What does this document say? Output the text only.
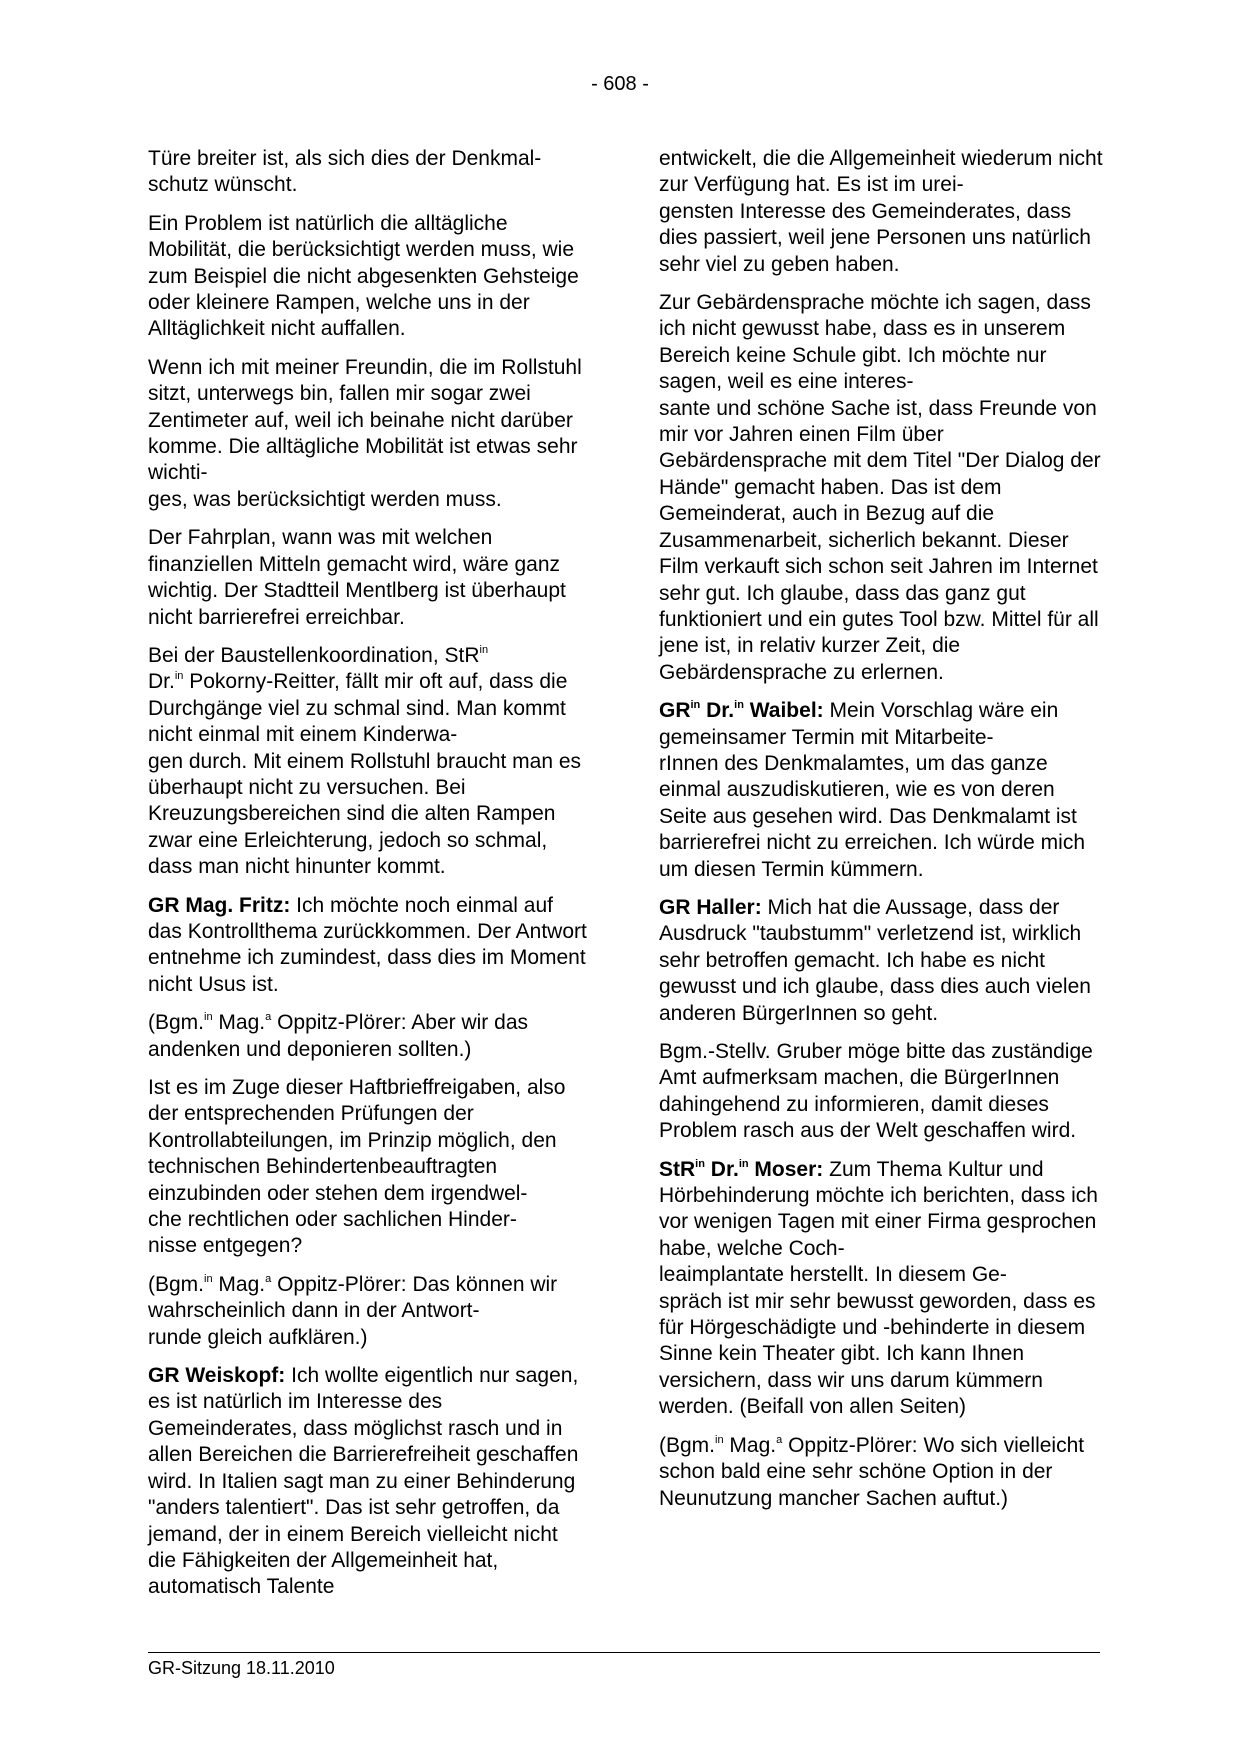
- 608 -

Türe breiter ist, als sich dies der Denkmal-
schutz wünscht.

Ein Problem ist natürlich die alltägliche Mobilität, die berücksichtigt werden muss, wie zum Beispiel die nicht abgesenkten Gehsteige oder kleinere Rampen, welche uns in der Alltäglichkeit nicht auffallen.

Wenn ich mit meiner Freundin, die im Rollstuhl sitzt, unterwegs bin, fallen mir sogar zwei Zentimeter auf, weil ich beinahe nicht darüber komme. Die alltägliche Mobilität ist etwas sehr wichti-
ges, was berücksichtigt werden muss.

Der Fahrplan, wann was mit welchen finanziellen Mitteln gemacht wird, wäre ganz wichtig. Der Stadtteil Mentlberg ist überhaupt nicht barrierefrei erreichbar.

Bei der Baustellenkoordination, StR$^{in}$
Dr.$^{in}$ Pokorny-Reitter, fällt mir oft auf, dass die Durchgänge viel zu schmal sind. Man kommt nicht einmal mit einem Kinderwa-
gen durch. Mit einem Rollstuhl braucht man es überhaupt nicht zu versuchen. Bei Kreuzungsbereichen sind die alten Rampen zwar eine Erleichterung, jedoch so schmal, dass man nicht hinunter kommt.

GR Mag. Fritz: Ich möchte noch einmal auf das Kontrollthema zurückkommen. Der Antwort entnehme ich zumindest, dass dies im Moment nicht Usus ist.

(Bgm.$^{in}$ Mag.$^a$ Oppitz-Plörer: Aber wir das andenken und deponieren sollten.)

Ist es im Zuge dieser Haftbrieffreigaben, also der entsprechenden Prüfungen der Kontrollabteilungen, im Prinzip möglich, den technischen Behindertenbeauftragten einzubinden oder stehen dem irgendwel-
che rechtlichen oder sachlichen Hinder-
nisse entgegen?

(Bgm.$^{in}$ Mag.$^a$ Oppitz-Plörer: Das können wir wahrscheinlich dann in der Antwort-
runde gleich aufklären.)

GR Weiskopf: Ich wollte eigentlich nur sagen, es ist natürlich im Interesse des Gemeinderates, dass möglichst rasch und in allen Bereichen die Barrierefreiheit geschaffen wird. In Italien sagt man zu einer Behinderung "anders talentiert". Das ist sehr getroffen, da jemand, der in einem Bereich vielleicht nicht die Fähigkeiten der Allgemeinheit hat, automatisch Talente

entwickelt, die die Allgemeinheit wiederum nicht zur Verfügung hat. Es ist im urei-
gensten Interesse des Gemeinderates, dass dies passiert, weil jene Personen uns natürlich sehr viel zu geben haben.

Zur Gebärdensprache möchte ich sagen, dass ich nicht gewusst habe, dass es in unserem Bereich keine Schule gibt. Ich möchte nur sagen, weil es eine interes-
sante und schöne Sache ist, dass Freunde von mir vor Jahren einen Film über Gebärdensprache mit dem Titel "Der Dialog der Hände" gemacht haben. Das ist dem Gemeinderat, auch in Bezug auf die Zusammenarbeit, sicherlich bekannt. Dieser Film verkauft sich schon seit Jahren im Internet sehr gut. Ich glaube, dass das ganz gut funktioniert und ein gutes Tool bzw. Mittel für all jene ist, in relativ kurzer Zeit, die Gebärdensprache zu erlernen.

$GR^{in}$ Dr.$^{in}$ Waibel: Mein Vorschlag wäre ein gemeinsamer Termin mit Mitarbeite-
rInnen des Denkmalamtes, um das ganze einmal auszudiskutieren, wie es von deren Seite aus gesehen wird. Das Denkmalamt ist barrierefrei nicht zu erreichen. Ich würde mich um diesen Termin kümmern.

GR Haller: Mich hat die Aussage, dass der Ausdruck "taubstumm" verletzend ist, wirklich sehr betroffen gemacht. Ich habe es nicht gewusst und ich glaube, dass dies auch vielen anderen BürgerInnen so geht.

Bgm.-Stellv. Gruber möge bitte das zuständige Amt aufmerksam machen, die BürgerInnen dahingehend zu informieren, damit dieses Problem rasch aus der Welt geschaffen wird.

StR$^{in}$ Dr.$^{in}$ Moser: Zum Thema Kultur und Hörbehinderung möchte ich berichten, dass ich vor wenigen Tagen mit einer Firma gesprochen habe, welche Coch-
leaimplantate herstellt. In diesem Ge-
spräch ist mir sehr bewusst geworden, dass es für Hörgeschädigte und -behinderte in diesem Sinne kein Theater gibt. Ich kann Ihnen versichern, dass wir uns darum kümmern werden. (Beifall von allen Seiten)

(Bgm.$^{in}$ Mag.$^a$ Oppitz-Plörer: Wo sich vielleicht schon bald eine sehr schöne Option in der Neunutzung mancher Sachen auftut.)

GR-Sitzung 18.11.2010
